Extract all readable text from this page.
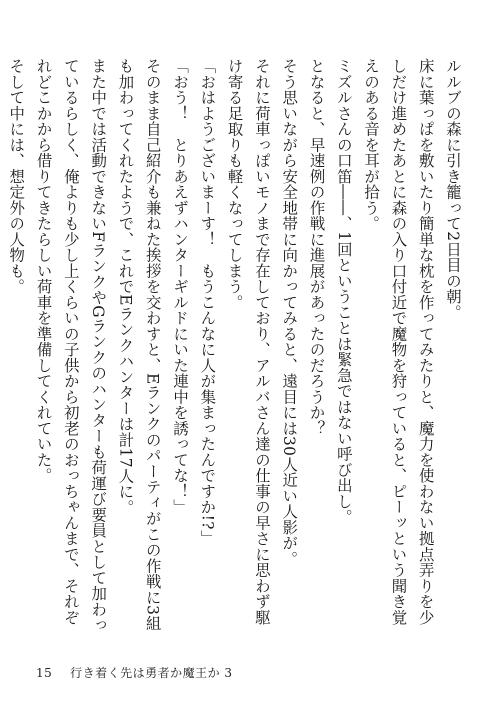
ルルブの森に引き籠って2日目の朝。

床に葉っぱを敷いたり簡単な枕を作ってみたりと、魔力を使わない拠点弄りを少しだけ進めたあとに森の入り口付近で魔物を狩っていると、ピーッという聞き覚えのある音を耳が拾う。

ミズルさんの口笛――、1回ということは緊急ではない呼び出し。

となると、早速例の作戦に進展があったのだろうか？

そう思いながら安全地帯に向かってみると、遠目には30人近い人影が。

それに荷車っぽいモノまで存在しており、アルバさん達の仕事の早さに思わず駆け寄る足取りも軽くなってしまう。

「おはようございまーす！　もうこんなに人が集まったんですか!?」

「おう！　とりあえずハンターギルドにいた連中を誘ってな！」

そのまま自己紹介も兼ねた挨拶を交わすと、Eランクのパーティがこの作戦に3組も加わってくれたようで、これでEランクハンターは計17人に。

また中では活動できないFランクやGランクのハンターも荷運び要員として加わっているらしく、俺よりも少し上くらいの子供から初老のおっちゃんまで、それぞれどこかから借りてきたらしい荷車を準備してくれていた。

そして中には、想定外の人物も。

15 行き着く先は勇者か魔王か 3
